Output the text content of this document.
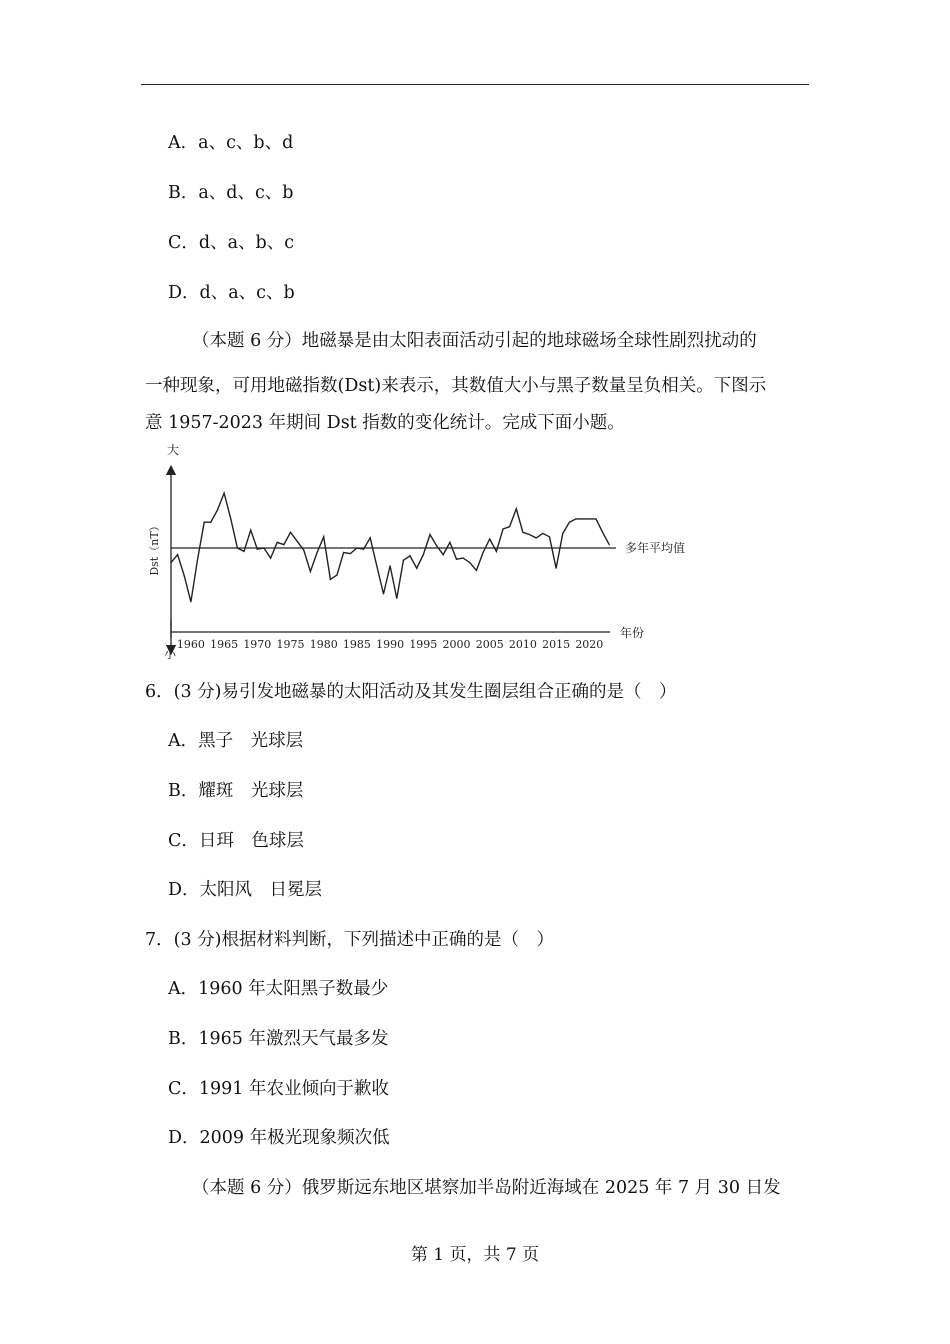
A．a、c、b、d
B．a、d、c、b
C．d、a、b、c
D．d、a、c、b
（本题 6 分）地磁暴是由太阳表面活动引起的地球磁场全球性剧烈扰动的
一种现象，可用地磁指数(Dst)来表示，其数值大小与黑子数量呈负相关。下图示
意 1957-2023 年期间 Dst 指数的变化统计。完成下面小题。
大
小
Dst（nT）
年份
多年平均值
1960 1965 1970 1975 1980 1985 1990 1995 2000 2005 2010 2015 2020
6．(3 分)易引发地磁暴的太阳活动及其发生圈层组合正确的是（　）
A．黑子　光球层
B．耀斑　光球层
C．日珥　色球层
D．太阳风　日冕层
7．(3 分)根据材料判断，下列描述中正确的是（　）
A．1960 年太阳黑子数最少
B．1965 年激烈天气最多发
C．1991 年农业倾向于歉收
D．2009 年极光现象频次低
（本题 6 分）俄罗斯远东地区堪察加半岛附近海域在 2025 年 7 月 30 日发
第 1 页，共 7 页
